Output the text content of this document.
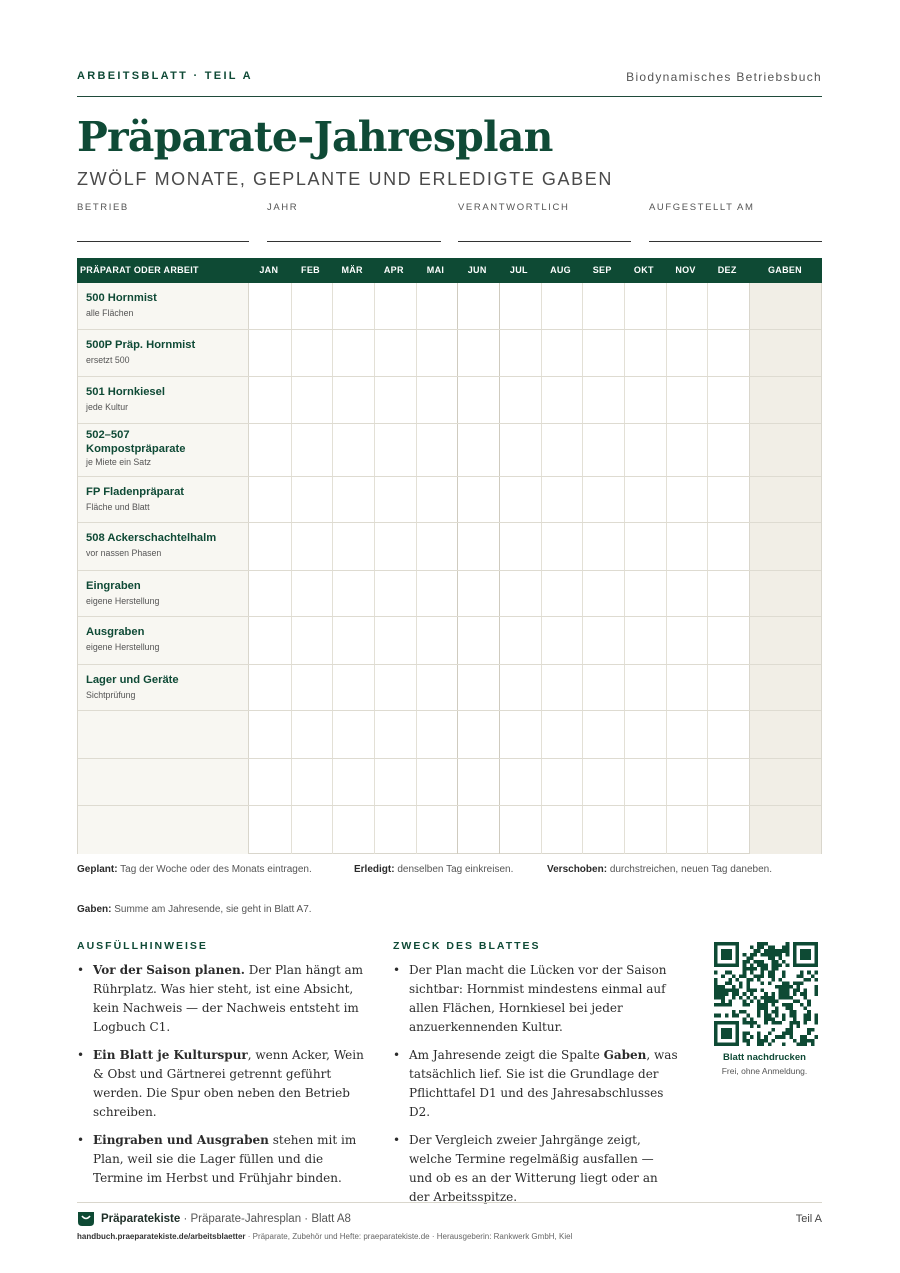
ARBEITSBLATT · TEIL A	Biodynamisches Betriebsbuch
Präparate-Jahresplan
ZWÖLF MONATE, GEPLANTE UND ERLEDIGTE GABEN
BETRIEB	JAHR	VERANTWORTLICH	AUFGESTELLT AM
PRÄPARAT ODER ARBEIT	JAN	FEB	MÄR	APR	MAI	JUN	JUL	AUG	SEP	OKT	NOV	DEZ	GABEN
500 Hornmist
alle Flächen
500P Präp. Hornmist
ersetzt 500
501 Hornkiesel
jede Kultur
502–507 Kompostpräparate
je Miete ein Satz
FP Fladenpräparat
Fläche und Blatt
508 Ackerschachtelhalm
vor nassen Phasen
Eingraben
eigene Herstellung
Ausgraben
eigene Herstellung
Lager und Geräte
Sichtprüfung
Geplant: Tag der Woche oder des Monats eintragen.	Erledigt: denselben Tag einkreisen.	Verschoben: durchstreichen, neuen Tag daneben.
Gaben: Summe am Jahresende, sie geht in Blatt A7.
AUSFÜLLHINWEISE
• Vor der Saison planen. Der Plan hängt am Rührplatz. Was hier steht, ist eine Absicht, kein Nachweis — der Nachweis entsteht im Logbuch C1.
• Ein Blatt je Kulturspur, wenn Acker, Wein & Obst und Gärtnerei getrennt geführt werden. Die Spur oben neben den Betrieb schreiben.
• Eingraben und Ausgraben stehen mit im Plan, weil sie die Lager füllen und die Termine im Herbst und Frühjahr binden.
ZWECK DES BLATTES
• Der Plan macht die Lücken vor der Saison sichtbar: Hornmist mindestens einmal auf allen Flächen, Hornkiesel bei jeder anzuerkennenden Kultur.
• Am Jahresende zeigt die Spalte Gaben, was tatsächlich lief. Sie ist die Grundlage der Pflichttafel D1 und des Jahresabschlusses D2.
• Der Vergleich zweier Jahrgänge zeigt, welche Termine regelmäßig ausfallen — und ob es an der Witterung liegt oder an der Arbeitsspitze.
Blatt nachdrucken
Frei, ohne Anmeldung.
Präparatekiste · Präparate-Jahresplan · Blatt A8	Teil A
handbuch.praeparatekiste.de/arbeitsblaetter · Präparate, Zubehör und Hefte: praeparatekiste.de · Herausgeberin: Rankwerk GmbH, Kiel
